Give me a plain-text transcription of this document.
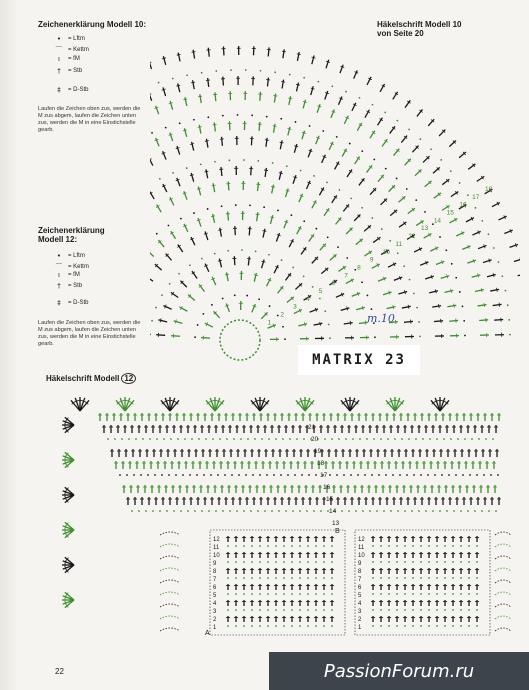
Zeichenerklärung Modell 10:
•	= Lftm
⌒ = Kettm
ı	= fM
†	= Stb
‡	= D-Stb
Laufen die Zeichen oben zus, werden die
M zus abgem, laufen die Zeichen unten
zus, werden die M in eine Einstichstelle
gearb.
Zeichenerklärung
Modell 12:
•	= Lftm
⌒ = Kettm
ı	= fM
†	= Stb
‡	= D-Stb
Laufen die Zeichen oben zus, werden die
M zus abgem, laufen die Zeichen unten
zus, werden die M in eine Einstichstelle
gearb.
Häkelschrift Modell 10
von Seite 20
Häkelschrift Modell 12
1
2
3
4
5
6
7
8
9
10
11
12
13
14
15
16
17
18
m.10
MATRIX 23
13
14
15
16
17
18
19
20
21
12
11
10
9
8
7
6
5
4
3
2
1
12
11
10
9
8
7
6
5
4
3
2
1
A
B
22	PassionForum.ru
